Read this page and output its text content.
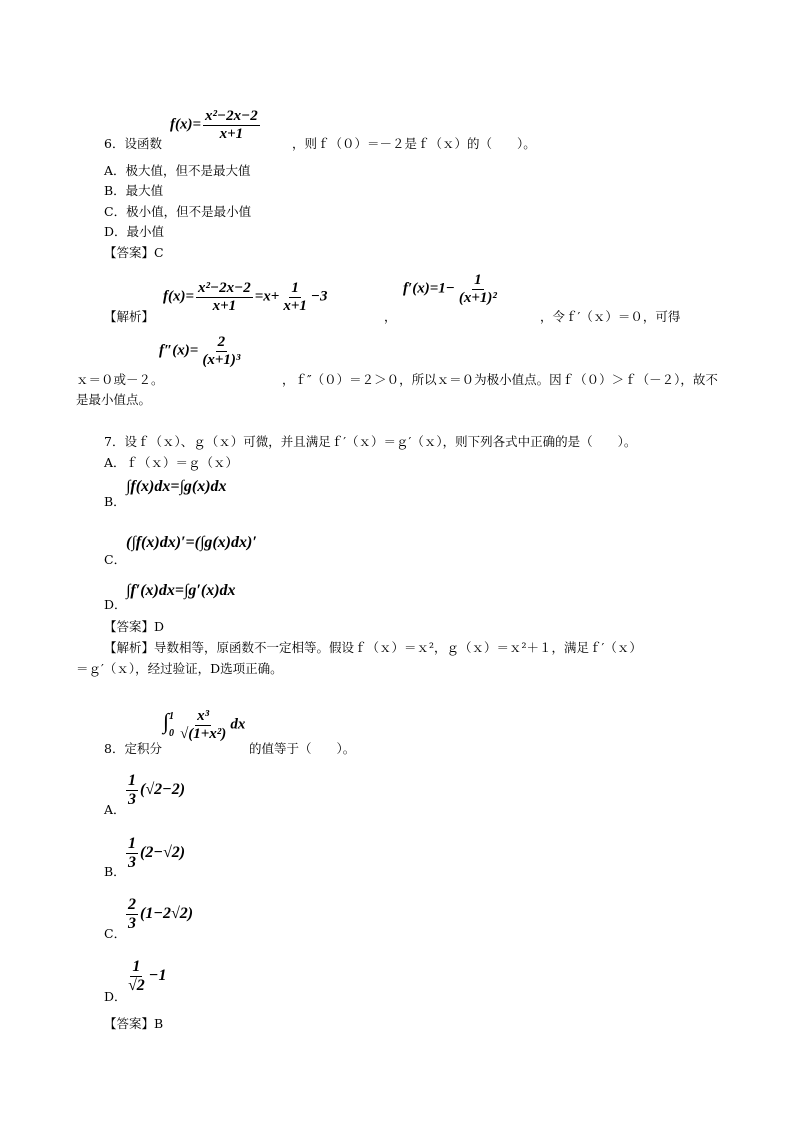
6．设函数
$f(x)= \frac{\text{x²−2x−2}}{x+1}$
，则ｆ（０）＝－２是ｆ（ｘ）的（　　）。
A．极大值，但不是最大值
B．最大值
C．极小值，但不是最小值
D．最小值
【答案】C
【解析】
$f(x)= \frac{\text{x²−2x−2}}{x+1} =x+ \frac{1}{x+1} -3$
，
$f'(x)=1- \frac{1}{\text{(x+1)²}}$
，令ｆ′（ｘ）＝０，可得
ｘ＝０或－２。
$f''(x)= \frac{2}{\text{(x+1)³}}$
，ｆ″（０）＝２＞０，所以ｘ＝０为极小值点。因ｆ（０）＞ｆ（－２），故不
是最小值点。
7．设ｆ（ｘ）、ｇ（ｘ）可微，并且满足ｆ′（ｘ）＝ｇ′（ｘ），则下列各式中正确的是（　　）。
A．ｆ（ｘ）＝ｇ（ｘ）
B．
∫f(x)dx=∫g(x)dx
C．
(∫f(x)dx)′=(∫g(x)dx)′
D．
∫f′(x)dx=∫g′(x)dx
【答案】D
【解析】导数相等，原函数不一定相等。假设ｆ（ｘ）＝ｘ²，ｇ（ｘ）＝ｘ²＋１，满足ｆ′（ｘ）
＝ｇ′（ｘ），经过验证，D选项正确。
8．定积分
∫ 1
$0 \frac{\text{x³}}{\text{√(1+x²)}}$ dx
的值等于（　　）。
A．
$\frac{1}{3} (√2-2)$
B．
$\frac{1}{3} (2-√2)$
C．
$\frac{2}{3} (1-2√2)$
D．
$\frac{1}{√2} -1$
【答案】B
